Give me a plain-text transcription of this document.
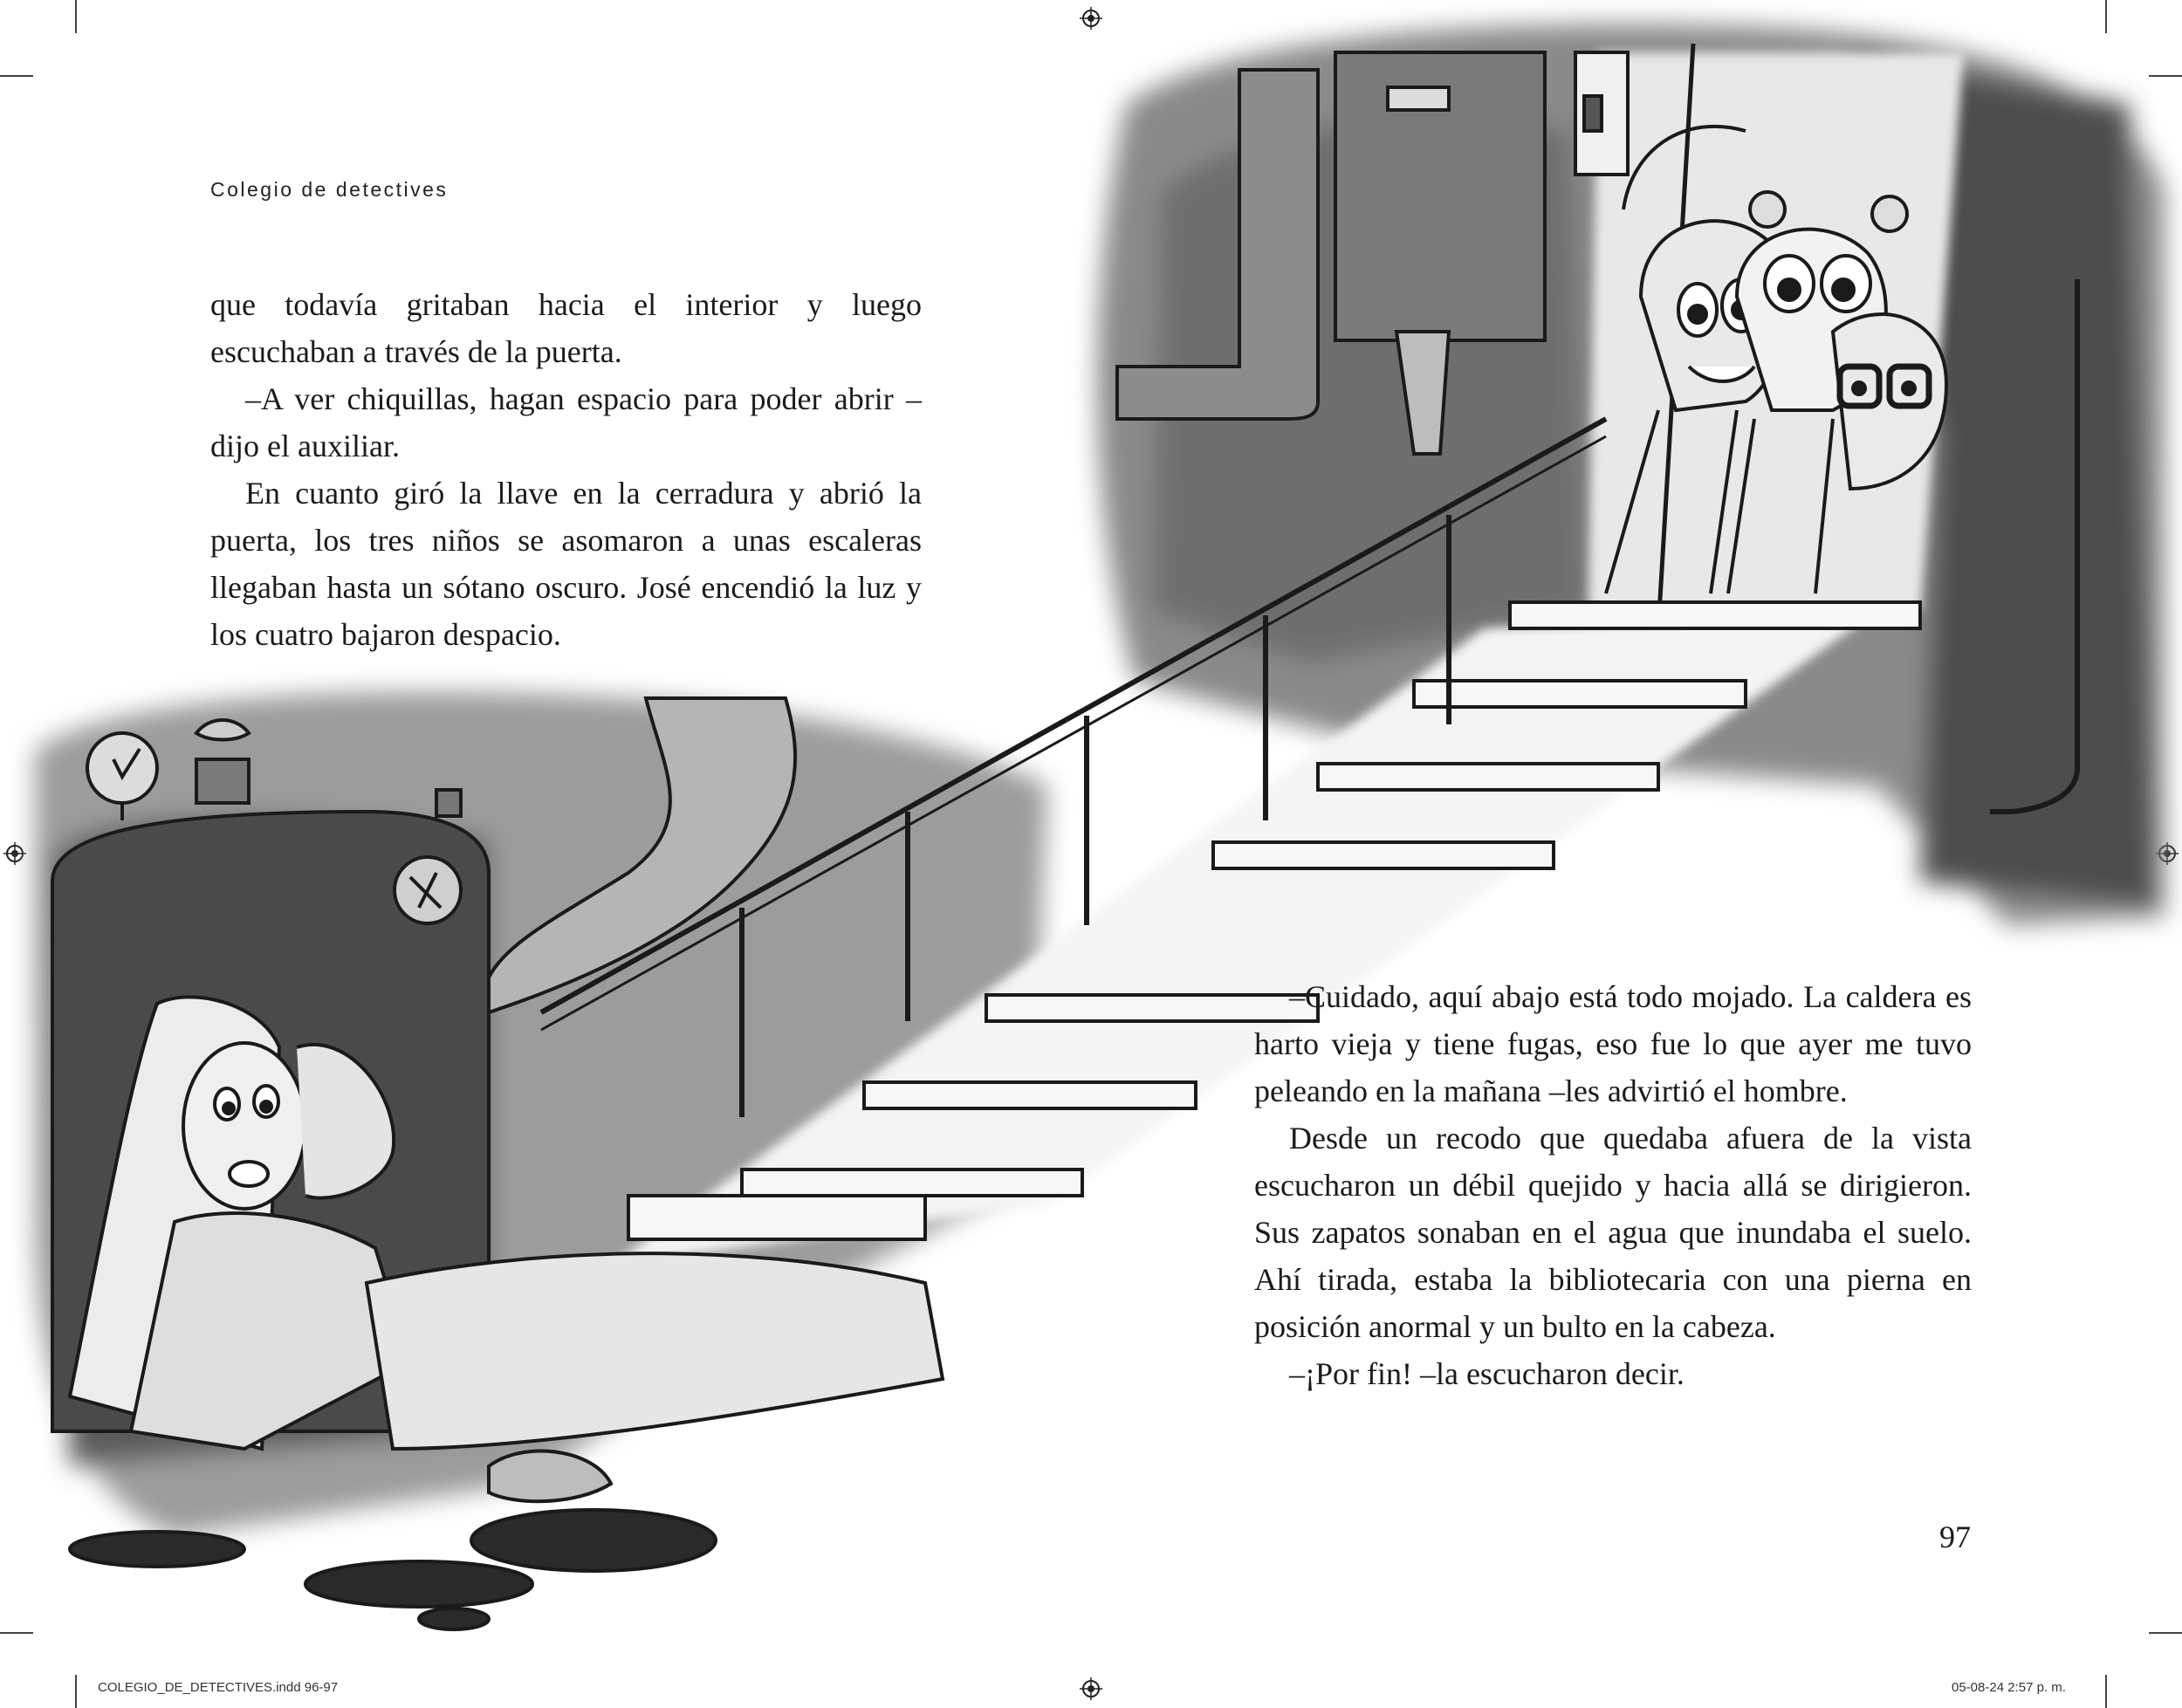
Colegio de detectives

que todavía gritaban hacia el interior y luego escuchaban a través de la puerta.

–A ver chiquillas, hagan espacio para poder abrir –dijo el auxiliar.

En cuanto giró la llave en la cerradura y abrió la puerta, los tres niños se asomaron a unas escaleras llegaban hasta un sótano oscuro. José encendió la luz y los cuatro bajaron despacio.

–Cuidado, aquí abajo está todo mojado. La caldera es harto vieja y tiene fugas, eso fue lo que ayer me tuvo peleando en la mañana –les advirtió el hombre.

Desde un recodo que quedaba afuera de la vista escucharon un débil quejido y hacia allá se dirigieron. Sus zapatos sonaban en el agua que inundaba el suelo. Ahí tirada, estaba la bibliotecaria con una pierna en posición anormal y un bulto en la cabeza.

–¡Por fin! –la escucharon decir.

97
COLEGIO_DE_DETECTIVES.indd 96-97	05-08-24 2:57 p. m.
